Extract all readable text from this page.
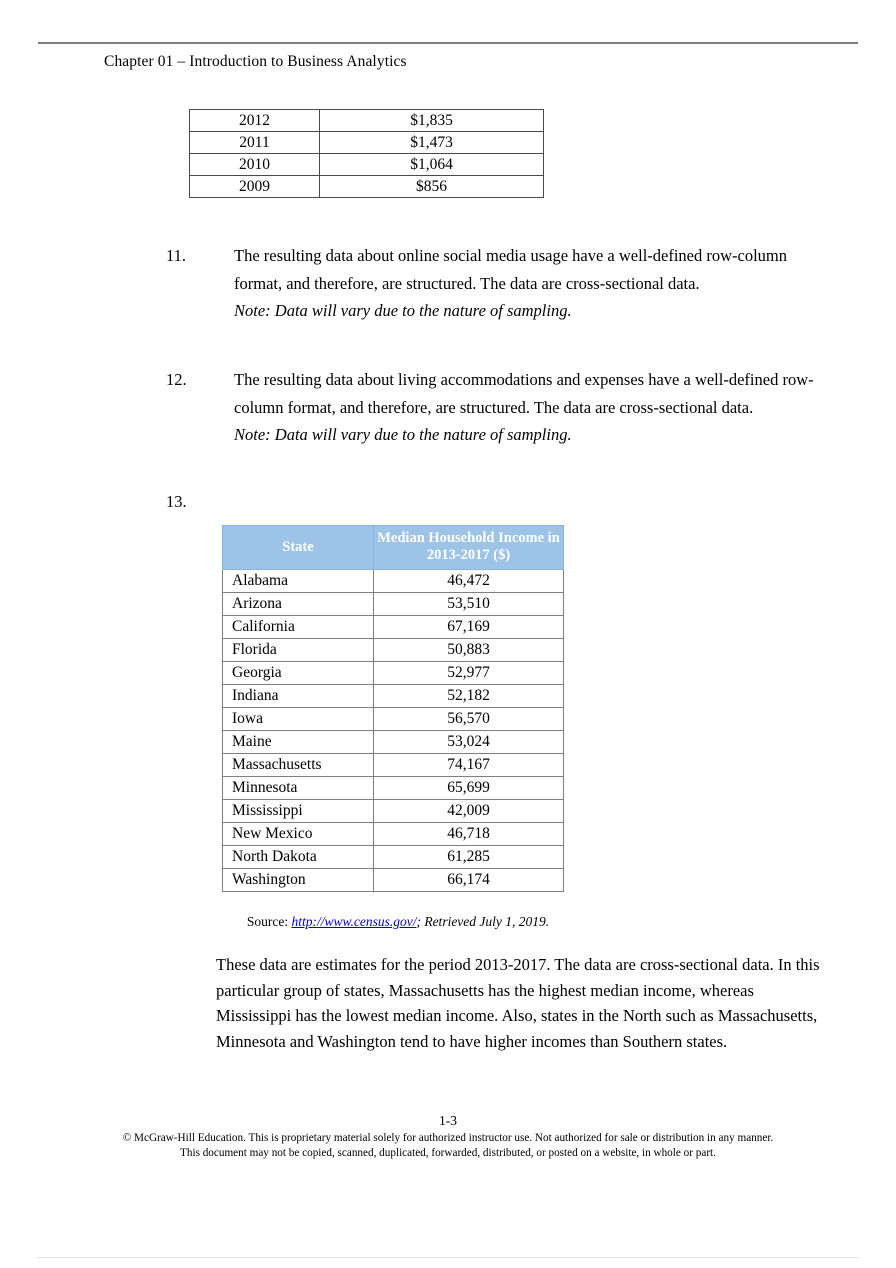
Chapter 01 – Introduction to Business Analytics
2012	$1,835
2011	$1,473
2010	$1,064
2009	$856
11.	The resulting data about online social media usage have a well-defined row-column format, and therefore, are structured. The data are cross-sectional data.
Note: Data will vary due to the nature of sampling.
12.	The resulting data about living accommodations and expenses have a well-defined row-column format, and therefore, are structured. The data are cross-sectional data.
Note: Data will vary due to the nature of sampling.
13.
State	Median Household Income in 2013-2017 ($)
Alabama	46,472
Arizona	53,510
California	67,169
Florida	50,883
Georgia	52,977
Indiana	52,182
Iowa	56,570
Maine	53,024
Massachusetts	74,167
Minnesota	65,699
Mississippi	42,009
New Mexico	46,718
North Dakota	61,285
Washington	66,174
Source: http://www.census.gov/; Retrieved July 1, 2019.
These data are estimates for the period 2013-2017. The data are cross-sectional data. In this particular group of states, Massachusetts has the highest median income, whereas Mississippi has the lowest median income. Also, states in the North such as Massachusetts, Minnesota and Washington tend to have higher incomes than Southern states.
1-3
© McGraw-Hill Education. This is proprietary material solely for authorized instructor use. Not authorized for sale or distribution in any manner. This document may not be copied, scanned, duplicated, forwarded, distributed, or posted on a website, in whole or part.
